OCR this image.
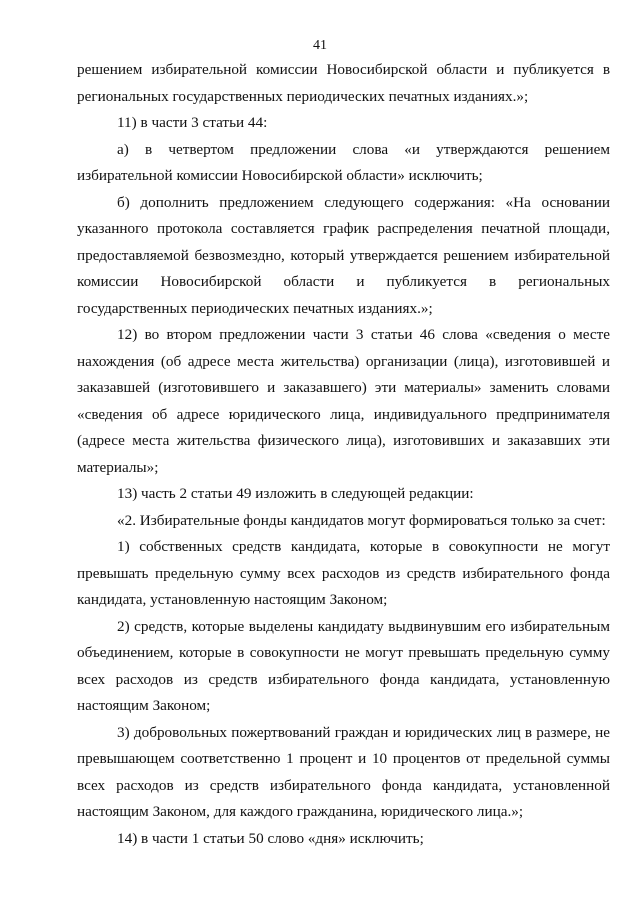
41

решением избирательной комиссии Новосибирской области и публикуется в региональных государственных периодических печатных изданиях.»;

11) в части 3 статьи 44:

а) в четвертом предложении слова «и утверждаются решением избирательной комиссии Новосибирской области» исключить;

б) дополнить предложением следующего содержания: «На основании указанного протокола составляется график распределения печатной площади, предоставляемой безвозмездно, который утверждается решением избирательной комиссии Новосибирской области и публикуется в региональных государственных периодических печатных изданиях.»;

12) во втором предложении части 3 статьи 46 слова «сведения о месте нахождения (об адресе места жительства) организации (лица), изготовившей и заказавшей (изготовившего и заказавшего) эти материалы» заменить словами «сведения об адресе юридического лица, индивидуального предпринимателя (адресе места жительства физического лица), изготовивших и заказавших эти материалы»;

13) часть 2 статьи 49 изложить в следующей редакции:

«2. Избирательные фонды кандидатов могут формироваться только за счет:

1) собственных средств кандидата, которые в совокупности не могут превышать предельную сумму всех расходов из средств избирательного фонда кандидата, установленную настоящим Законом;

2) средств, которые выделены кандидату выдвинувшим его избирательным объединением, которые в совокупности не могут превышать предельную сумму всех расходов из средств избирательного фонда кандидата, установленную настоящим Законом;

3) добровольных пожертвований граждан и юридических лиц в размере, не превышающем соответственно 1 процент и 10 процентов от предельной суммы всех расходов из средств избирательного фонда кандидата, установленной настоящим Законом, для каждого гражданина, юридического лица.»;

14) в части 1 статьи 50 слово «дня» исключить;
